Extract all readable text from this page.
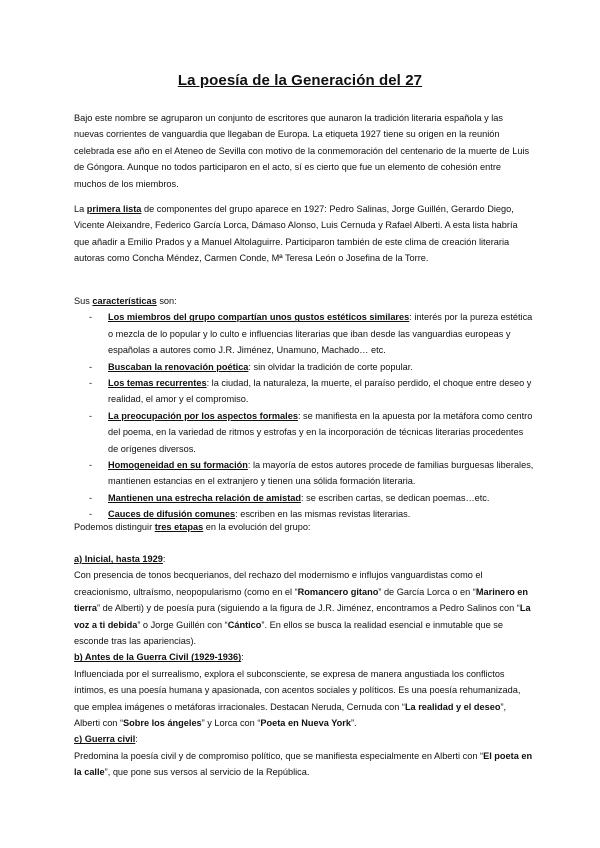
La poesía de la Generación del 27

Bajo este nombre se agruparon un conjunto de escritores que aunaron la tradición literaria española y las nuevas corrientes de vanguardia que llegaban de Europa. La etiqueta 1927 tiene su origen en la reunión celebrada ese año en el Ateneo de Sevilla con motivo de la conmemoración del centenario de la muerte de Luis de Góngora. Aunque no todos participaron en el acto, sí es cierto que fue un elemento de cohesión entre muchos de los miembros.

La primera lista de componentes del grupo aparece en 1927: Pedro Salinas, Jorge Guillén, Gerardo Diego, Vicente Aleixandre, Federico García Lorca, Dámaso Alonso, Luis Cernuda y Rafael Alberti. A esta lista habría que añadir a Emilio Prados y a Manuel Altolaguirre. Participaron también de este clima de creación literaria autoras como Concha Méndez, Carmen Conde, Mª Teresa León o Josefina de la Torre.

Sus características son:

- Los miembros del grupo compartían unos gustos estéticos similares: interés por la pureza estética o mezcla de lo popular y lo culto e influencias literarias que iban desde las vanguardias europeas y españolas a autores como J.R. Jiménez, Unamuno, Machado… etc.
- Buscaban la renovación poética: sin olvidar la tradición de corte popular.
- Los temas recurrentes: la ciudad, la naturaleza, la muerte, el paraíso perdido, el choque entre deseo y realidad, el amor y el compromiso.
- La preocupación por los aspectos formales: se manifiesta en la apuesta por la metáfora como centro del poema, en la variedad de ritmos y estrofas y en la incorporación de técnicas literarias procedentes de orígenes diversos.
- Homogeneidad en su formación: la mayoría de estos autores procede de familias burguesas liberales, mantienen estancias en el extranjero y tienen una sólida formación literaria.
- Mantienen una estrecha relación de amistad: se escriben cartas, se dedican poemas…etc.
- Cauces de difusión comunes: escriben en las mismas revistas literarias.

Podemos distinguir tres etapas en la evolución del grupo:

a) Inicial, hasta 1929:

Con presencia de tonos becquerianos, del rechazo del modernismo e influjos vanguardistas como el creacionismo, ultraísmo, neopopularismo (como en el “Romancero gitano” de García Lorca o en “Marinero en tierra” de Alberti) y de poesía pura (siguiendo a la figura de J.R. Jiménez, encontramos a Pedro Salinos con “La voz a ti debida” o Jorge Guillén con “Cántico”. En ellos se busca la realidad esencial e inmutable que se esconde tras las apariencias).

b) Antes de la Guerra Civil (1929-1936):

Influenciada por el surrealismo, explora el subconsciente, se expresa de manera angustiada los conflictos íntimos, es una poesía humana y apasionada, con acentos sociales y políticos. Es una poesía rehumanizada, que emplea imágenes o metáforas irracionales. Destacan Neruda, Cernuda con “La realidad y el deseo”, Alberti con “Sobre los ángeles” y Lorca con “Poeta en Nueva York”.

c) Guerra civil:

Predomina la poesía civil y de compromiso político, que se manifiesta especialmente en Alberti con “El poeta en la calle”, que pone sus versos al servicio de la República.
